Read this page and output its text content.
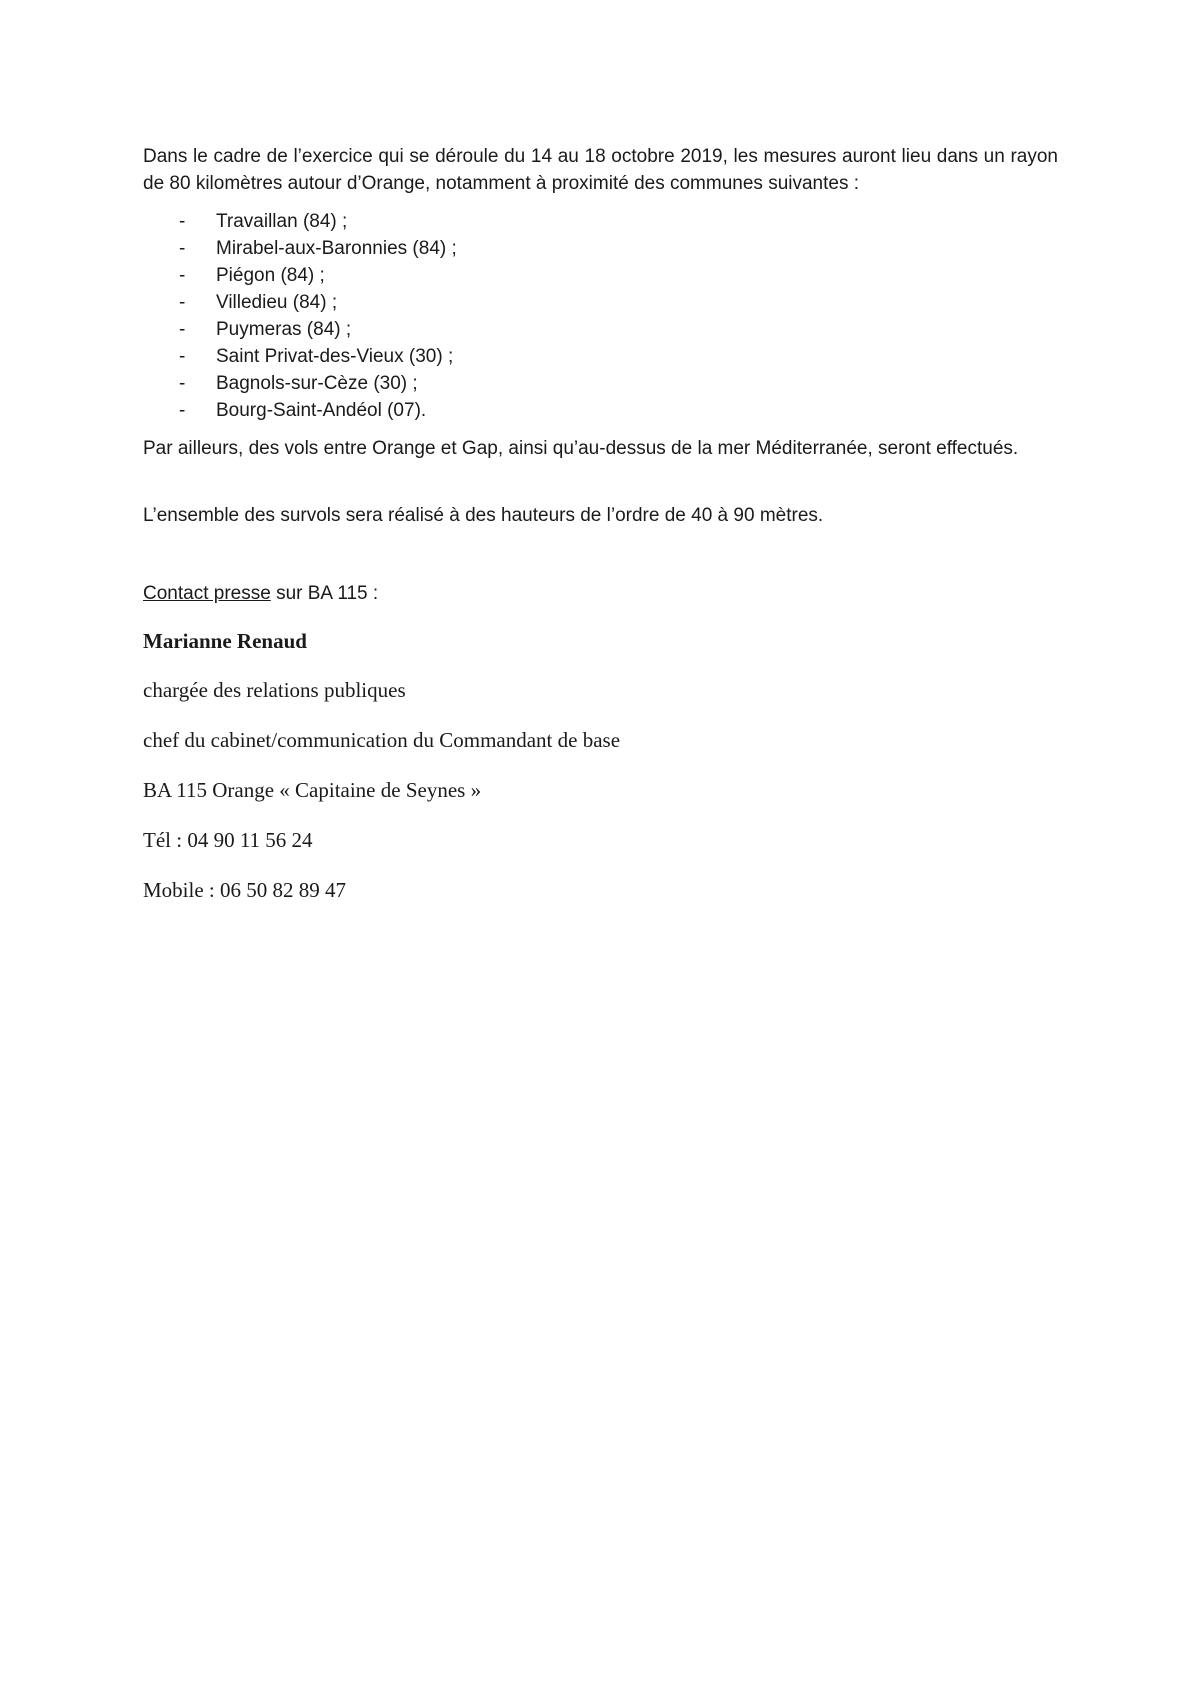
Dans le cadre de l’exercice qui se déroule du 14 au 18 octobre 2019, les mesures auront lieu dans un rayon de 80 kilomètres autour d’Orange, notamment à proximité des communes suivantes :

- Travaillan (84) ;
- Mirabel-aux-Baronnies (84) ;
- Piégon (84) ;
- Villedieu (84) ;
- Puymeras (84) ;
- Saint Privat-des-Vieux (30) ;
- Bagnols-sur-Cèze (30) ;
- Bourg-Saint-Andéol (07).

Par ailleurs, des vols entre Orange et Gap, ainsi qu’au-dessus de la mer Méditerranée, seront effectués.

L’ensemble des survols sera réalisé à des hauteurs de l’ordre de 40 à 90 mètres.

Contact presse sur BA 115 :

Marianne Renaud

chargée des relations publiques

chef du cabinet/communication du Commandant de base

BA 115 Orange « Capitaine de Seynes »

Tél : 04 90 11 56 24

Mobile : 06 50 82 89 47
